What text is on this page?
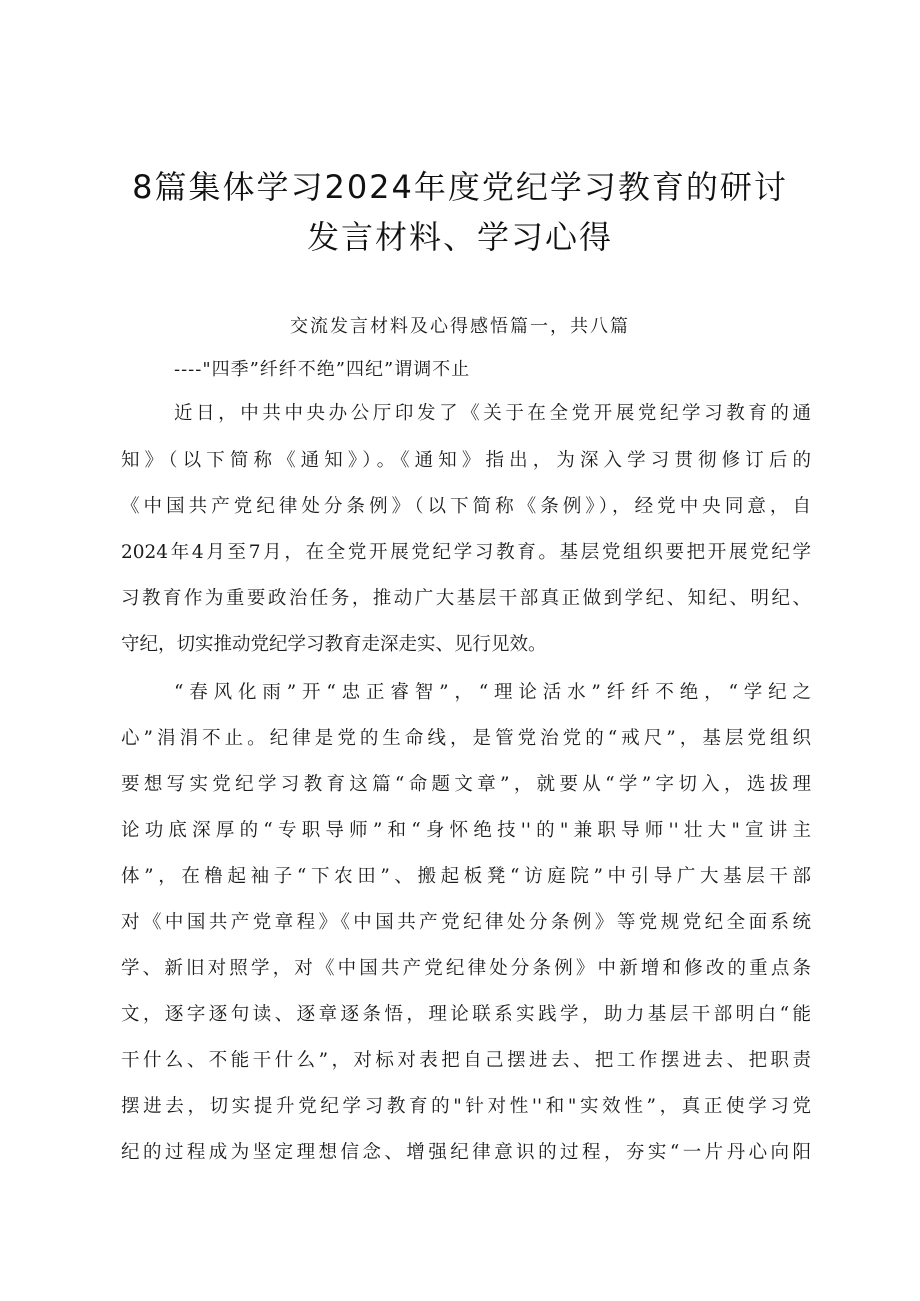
8篇集体学习2024年度党纪学习教育的研讨
发言材料、学习心得
交流发言材料及心得感悟篇一，共八篇
----"四季”纤纤不绝”四纪”谓调不止
近日，中共中央办公厅印发了《关于在全党开展党纪学习教育的通
知》（以下简称《通知》）。《通知》指出，为深入学习贯彻修订后的
《中国共产党纪律处分条例》（以下简称《条例》），经党中央同意，自
2024年4月至7月，在全党开展党纪学习教育。基层党组织要把开展党纪学
习教育作为重要政治任务，推动广大基层干部真正做到学纪、知纪、明纪、
守纪，切实推动党纪学习教育走深走实、见行见效。
“春风化雨”开“忠正睿智”，“理论活水”纤纤不绝，“学纪之
心”涓涓不止。纪律是党的生命线，是管党治党的“戒尺”，基层党组织
要想写实党纪学习教育这篇“命题文章”，就要从“学”字切入，选拔理
论功底深厚的“专职导师”和“身怀绝技''的"兼职导师''壮大"宣讲主
体”，在橹起袖子“下农田”、搬起板凳“访庭院”中引导广大基层干部
对《中国共产党章程》《中国共产党纪律处分条例》等党规党纪全面系统
学、新旧对照学，对《中国共产党纪律处分条例》中新增和修改的重点条
文，逐字逐句读、逐章逐条悟，理论联系实践学，助力基层干部明白“能
干什么、不能干什么”，对标对表把自己摆进去、把工作摆进去、把职责
摆进去，切实提升党纪学习教育的"针对性''和"实效性”，真正使学习党
纪的过程成为坚定理想信念、增强纪律意识的过程，夯实“一片丹心向阳
